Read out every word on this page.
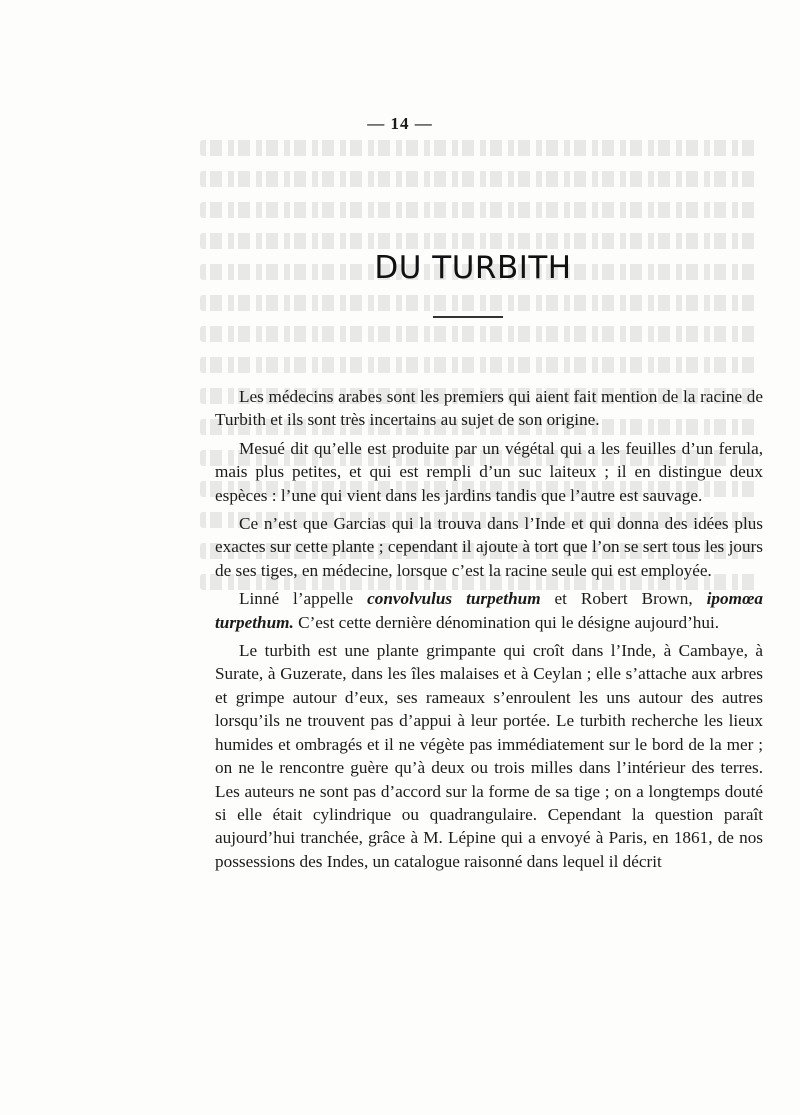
— 14 —
DU TURBITH

Les médecins arabes sont les premiers qui aient fait mention de la racine de Turbith et ils sont très incertains au sujet de son origine.

Mesué dit qu’elle est produite par un végétal qui a les feuilles d’un ferula, mais plus petites, et qui est rempli d’un suc laiteux ; il en distingue deux espèces : l’une qui vient dans les jardins tandis que l’autre est sauvage.

Ce n’est que Garcias qui la trouva dans l’Inde et qui donna des idées plus exactes sur cette plante ; cependant il ajoute à tort que l’on se sert tous les jours de ses tiges, en médecine, lorsque c’est la racine seule qui est employée.

Linné l’appelle convolvulus turpethum et Robert Brown, ipomœa turpethum. C’est cette dernière dénomination qui le désigne aujourd’hui.

Le turbith est une plante grimpante qui croît dans l’Inde, à Cambaye, à Surate, à Guzerate, dans les îles malaises et à Ceylan ; elle s’attache aux arbres et grimpe autour d’eux, ses rameaux s’enroulent les uns autour des autres lorsqu’ils ne trouvent pas d’appui à leur portée. Le turbith recherche les lieux humides et ombragés et il ne végète pas immédiatement sur le bord de la mer ; on ne le rencontre guère qu’à deux ou trois milles dans l’intérieur des terres. Les auteurs ne sont pas d’accord sur la forme de sa tige ; on a longtemps douté si elle était cylindrique ou quadrangulaire. Cependant la question paraît aujourd’hui tranchée, grâce à M. Lépine qui a envoyé à Paris, en 1861, de nos possessions des Indes, un catalogue raisonné dans lequel il décrit
